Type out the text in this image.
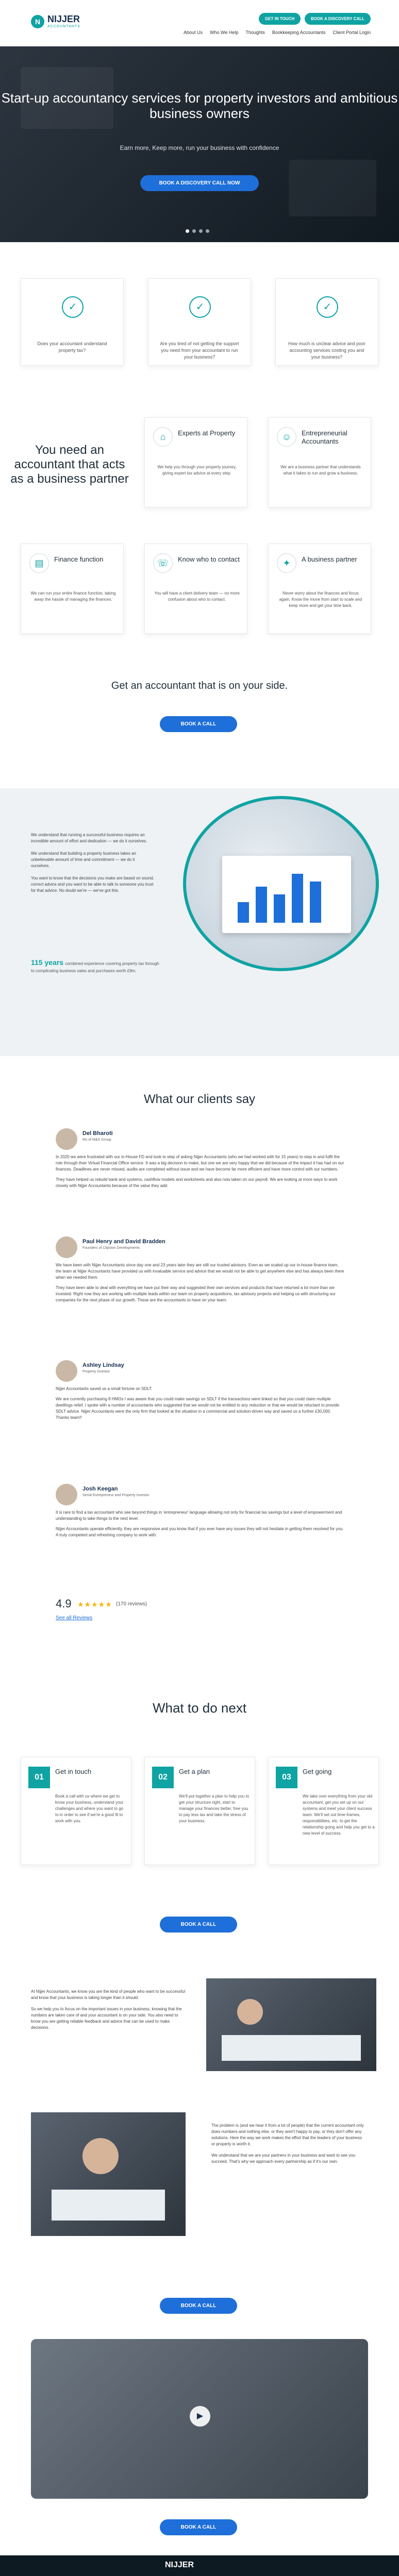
N NIJJER
ACCOUNTANTS
GET IN TOUCH	BOOK A DISCOVERY CALL
About Us Who We Help Thoughts Bookkeeping Accountants Client Portal Login
Start-up accountancy services for property investors and ambitious business owners

Earn more, Keep more, run your business with confidence

BOOK A DISCOVERY CALL NOW
✓
Does your accountant understand property tax?
✓
Are you tired of not getting the support you need from your accountant to run your business?
✓
How much is unclear advice and poor accounting services costing you and your business?
You need an accountant that acts as a business partner
⌂	Experts at Property

We help you through your property journey, giving expert tax advice at every step.

☺	Entrepreneurial Accountants

We are a business partner that understands what it takes to run and grow a business.

▤	Finance function

We can run your entire finance function, taking away the hassle of managing the finances.

☏	Know who to contact

You will have a client delivery team — no more confusion about who to contact.

✦	A business partner

Never worry about the finances and focus again. Know the move from start to scale and keep more and get your time back.

Get an accountant that is on your side.
BOOK A CALL

We understand that running a successful business requires an incredible amount of effort and dedication — we do it ourselves.

We understand that building a property business takes an unbelievable amount of time and commitment — we do it ourselves.

You want to know that the decisions you make are based on sound, correct advice and you want to be able to talk to someone you trust for that advice. No doubt we're — we've got this.

115 years combined experience covering property tax through to complicating business sales and purchases worth £9m.
What our clients say
Del Bharoti
Ms of M&S Group

In 2020 we were frustrated with our in-House FD and took to step of asking Nijjer Accountants (who we had worked with for 15 years) to step in and fulfil the role through their Virtual Financial Office service. It was a big decision to make, but one we are very happy that we did because of the impact it has had on our finances. Deadlines are never missed, audits are completed without issue and we have become far more efficient and have more control with our numbers.

They have helped us rebuild bank and systems, cashflow models and worksheets and also now taken on our payroll. We are looking at more ways to work closely with Nijjer Accountants because of the value they add.

Paul Henry and David Bradden
Founders of Clipston Developments

We have been with Nijjer Accountants since day one and 23 years later they are still our trusted advisors. Even as we scaled up our in-house finance team, the team at Nijjer Accountants have provided us with invaluable service and advice that we would not be able to get anywhere else and has always been there when we needed them.

They have been able to deal with everything we have put their way and suggested their own services and products that have returned a lot more than we invested. Right now they are working with multiple leads within our team on property acquisitions, tax advisory projects and helping us with structuring our companies for the next phase of our growth. These are the accountants to have on your team.

Ashley Lindsay
Property Investor

Nijjer Accountants saved us a small fortune on SDLT.

We are currently purchasing 8 HMOs I was aware that you could make savings on SDLT if the transactions were linked so that you could claim multiple dwellings relief. I spoke with a number of accountants who suggested that we would not be entitled to any reduction or that we would be reluctant to provide SDLT advice. Nijjer Accountants were the only firm that looked at the situation in a commercial and solution-driven way and saved us a further £30,000. Thanks team!!

Josh Keegan
Serial Entrepreneur and Property Investor

It is rare to find a tax accountant who see beyond things in 'entrepreneur' language allowing not only for financial tax savings but a level of empowerment and understanding to take things to the next level.

Nijjer Accountants operate efficiently, they are responsive and you know that if you ever have any issues they will not hesitate in getting them resolved for you. A truly competent and refreshing company to work with.

4.9 ★★★★★ (170 reviews)
See all Reviews
What to do next
01
Get in touch

Book a call with us where we get to know your business, understand your challenges and where you want to go to in order to see if we're a good fit to work with you.

02
Get a plan

We'll put together a plan to help you to get your structure right, start to manage your finances better, free you to pay less tax and take the stress of your business.

03
Get going

We take over everything from your old accountant, get you set up on our systems and meet your client success team. We'll set out time-frames, responsibilities, etc. to get the relationship going and help you get to a new level of success.

BOOK A CALL

At Nijjer Accountants, we know you are the kind of people who want to be successful and know that your business is taking longer than it should.

So we help you to focus on the important issues in your business, knowing that the numbers are taken care of and your accountant is on your side. You also need to know you are getting reliable feedback and advice that can be used to make decisions.

The problem is (and we hear it from a lot of people) that the current accountant only does numbers and nothing else, or they aren't happy to pay, or they don't offer any solutions. Here the way we work makes the effort that the leaders of your business or property is worth it.

We understand that we are your partners in your business and want to see you succeed. That's why we approach every partnership as if it's our own.

BOOK A CALL
▶
BOOK A CALL
NIJJER
